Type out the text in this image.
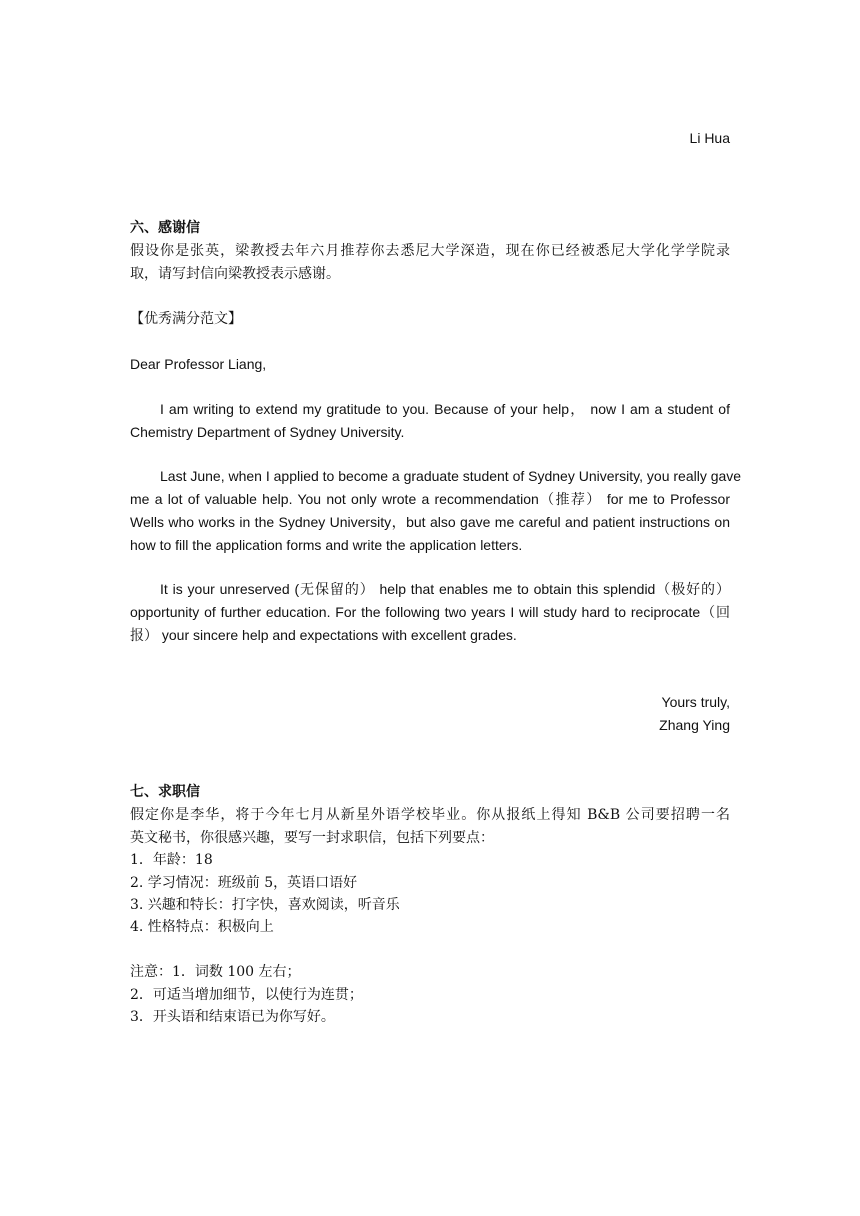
Li Hua
六、感谢信
假设你是张英，梁教授去年六月推荐你去悉尼大学深造，现在你已经被悉尼大学化学学院录
取，请写封信向梁教授表示感谢。
【优秀满分范文】
Dear Professor Liang,
I am writing to extend my gratitude to you. Because of your help， now I am a student of
Chemistry Department of Sydney University.
Last June, when I applied to become a graduate student of Sydney University, you really gave
me a lot of valuable help. You not only wrote a recommendation（推荐） for me to Professor
Wells who works in the Sydney University，but also gave me careful and patient instructions on
how to fill the application forms and write the application letters.
It is your unreserved (无保留的） help that enables me to obtain this splendid（极好的）
opportunity of further education. For the following two years I will study hard to reciprocate（回
报） your sincere help and expectations with excellent grades.
Yours truly,
Zhang Ying
七、求职信
假定你是李华，将于今年七月从新星外语学校毕业。你从报纸上得知 B&B 公司要招聘一名
英文秘书，你很感兴趣，要写一封求职信，包括下列要点：
1．年龄：18
2. 学习情况：班级前 5，英语口语好
3. 兴趣和特长：打字快，喜欢阅读，听音乐
4. 性格特点：积极向上
注意：1．词数 100 左右；
2．可适当增加细节，以使行为连贯；
3．开头语和结束语已为你写好。
